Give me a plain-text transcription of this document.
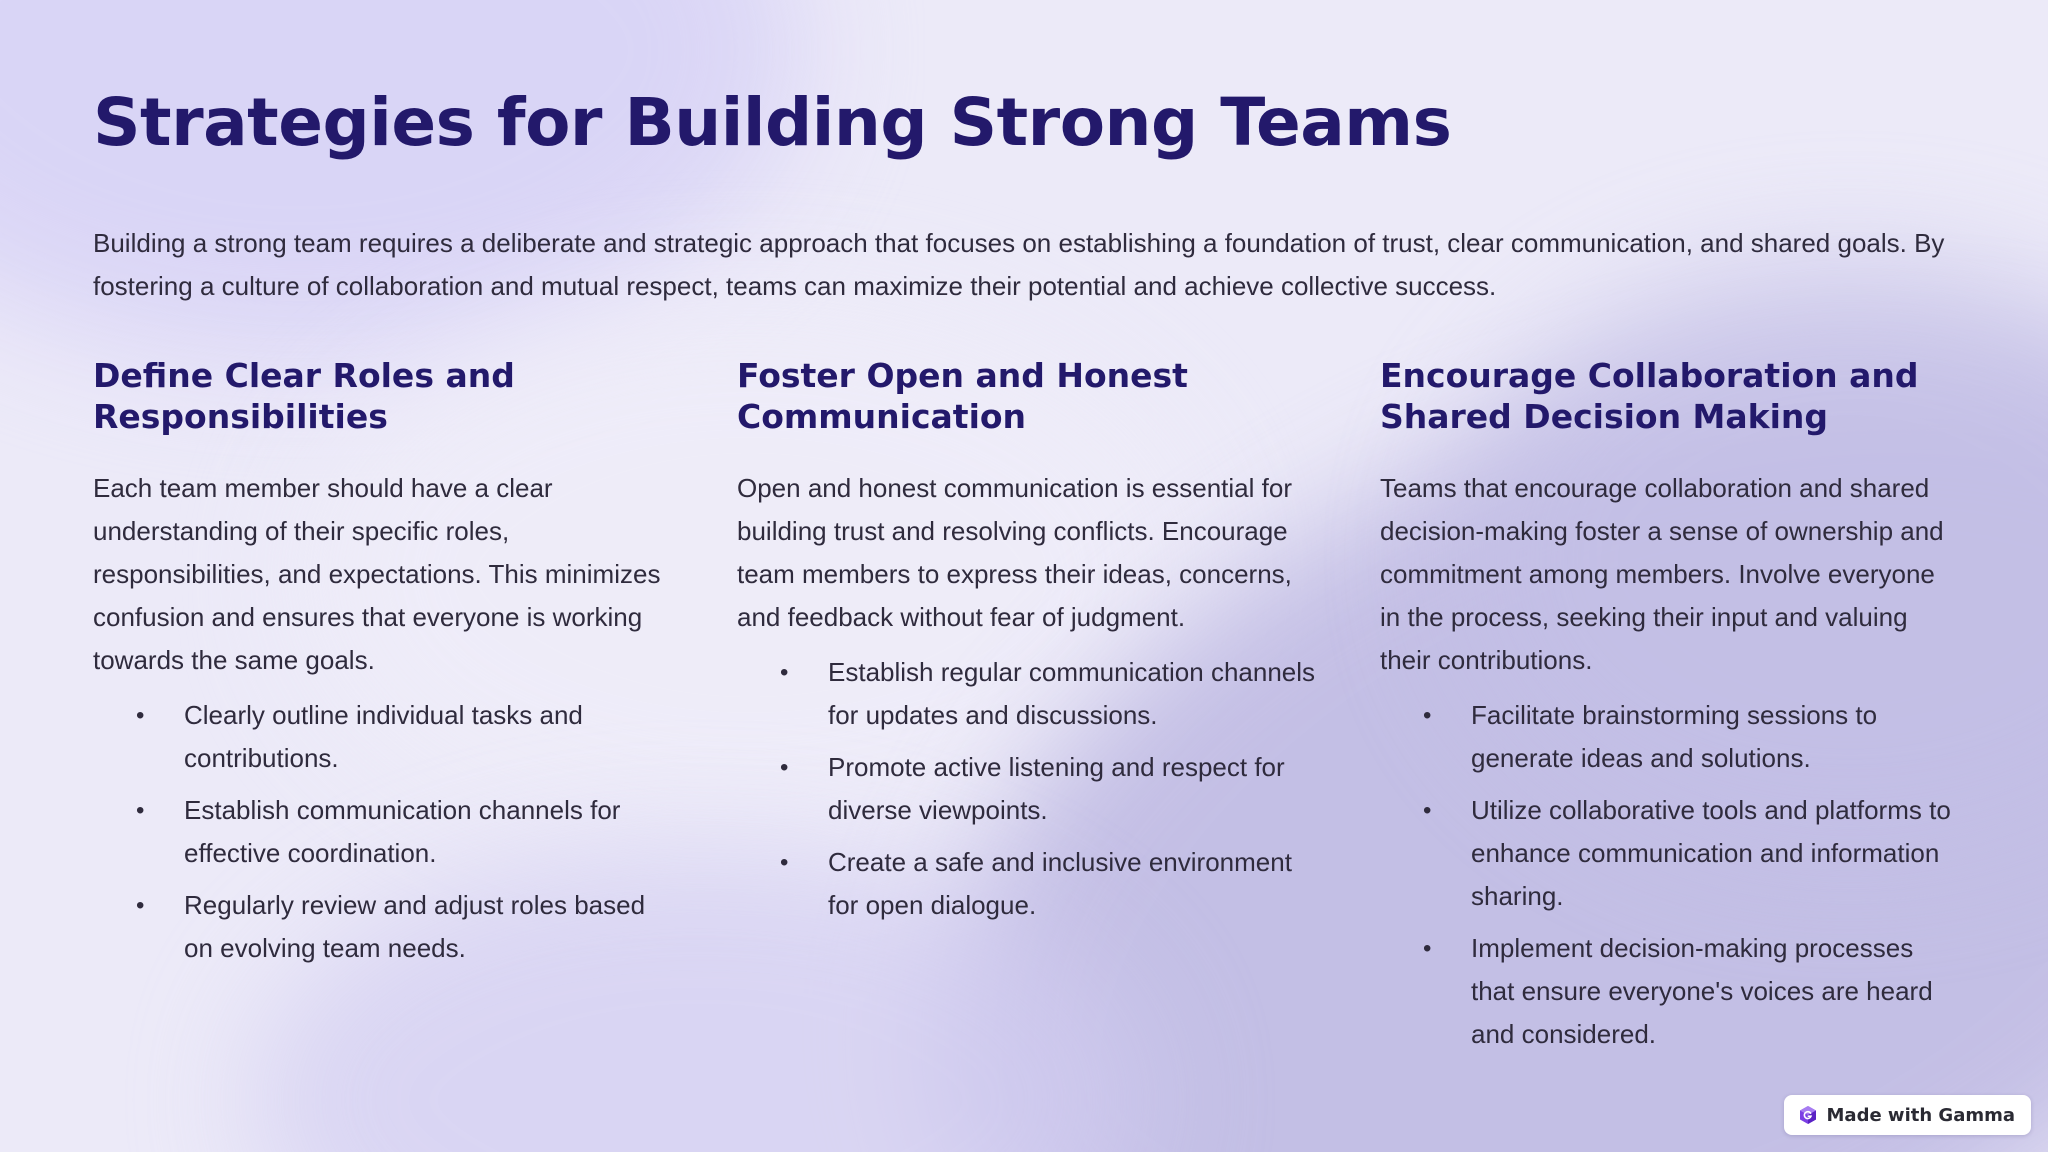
Strategies for Building Strong Teams

Building a strong team requires a deliberate and strategic approach that focuses on establishing a foundation of trust, clear communication, and shared goals. By fostering a culture of collaboration and mutual respect, teams can maximize their potential and achieve collective success.

Define Clear Roles and Responsibilities

Each team member should have a clear understanding of their specific roles, responsibilities, and expectations. This minimizes confusion and ensures that everyone is working towards the same goals.

• Clearly outline individual tasks and contributions.
• Establish communication channels for effective coordination.
• Regularly review and adjust roles based on evolving team needs.
Foster Open and Honest Communication

Open and honest communication is essential for building trust and resolving conflicts. Encourage team members to express their ideas, concerns, and feedback without fear of judgment.

• Establish regular communication channels for updates and discussions.
• Promote active listening and respect for diverse viewpoints.
• Create a safe and inclusive environment for open dialogue.
Encourage Collaboration and Shared Decision Making

Teams that encourage collaboration and shared decision-making foster a sense of ownership and commitment among members. Involve everyone in the process, seeking their input and valuing their contributions.

• Facilitate brainstorming sessions to generate ideas and solutions.
• Utilize collaborative tools and platforms to enhance communication and information sharing.
• Implement decision-making processes that ensure everyone's voices are heard and considered.
Made with Gamma
